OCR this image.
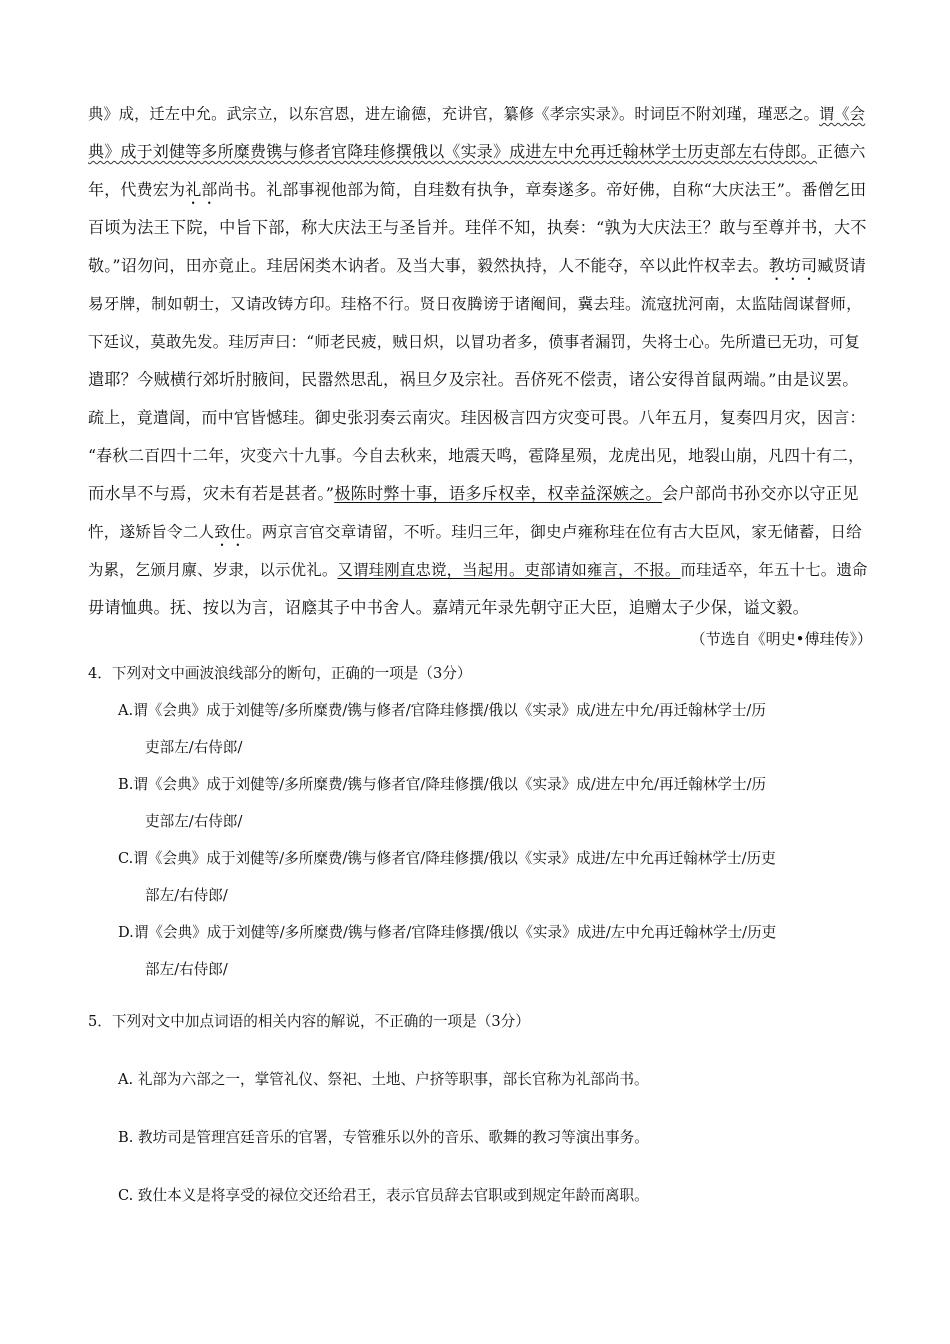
典》成，迁左中允。武宗立，以东宫恩，进左谕德，充讲官，纂修《孝宗实录》。时词臣不附刘瑾，瑾恶之。谓《会
典》成于刘健等多所糜费镌与修者官降珪修撰俄以《实录》成进左中允再迁翰林学士历吏部左右侍郎。正德六
年，代费宏为礼部尚书。礼部事视他部为简，自珪数有执争，章奏遂多。帝好佛，自称“大庆法王”。番僧乞田
百顷为法王下院，中旨下部，称大庆法王与圣旨并。珪佯不知，执奏：“孰为大庆法王？敢与至尊并书，大不
敬。”诏勿问，田亦竟止。珪居闲类木讷者。及当大事，毅然执持，人不能夺，卒以此忤权幸去。教坊司臧贤请
易牙牌，制如朝士，又请改铸方印。珪格不行。贤日夜腾谤于诸阉间，冀去珪。流寇扰河南，太监陆訚谋督师，
下廷议，莫敢先发。珪厉声曰：“师老民疲，贼日炽，以冒功者多，偾事者漏罚，失将士心。先所遣已无功，可复
遣耶？今贼横行郊圻肘腋间，民嚣然思乱，祸旦夕及宗社。吾侪死不偿责，诸公安得首鼠两端。”由是议罢。
疏上，竟遣訚，而中官皆憾珪。御史张羽奏云南灾。珪因极言四方灾变可畏。八年五月，复奏四月灾，因言：
“春秋二百四十二年，灾变六十九事。今自去秋来，地震天鸣，雹降星殒，龙虎出见，地裂山崩，凡四十有二，
而水旱不与焉，灾未有若是甚者。”极陈时弊十事，语多斥权幸，权幸益深嫉之。会户部尚书孙交亦以守正见
忤，遂矫旨令二人致仕。两京言官交章请留，不听。珪归三年，御史卢雍称珪在位有古大臣风，家无储蓄，日给
为累，乞颁月廪、岁隶，以示优礼。又谓珪刚直忠谠，当起用。吏部请如雍言，不报。而珪适卒，年五十七。遗命
毋请恤典。抚、按以为言，诏廕其子中书舍人。嘉靖元年录先朝守正大臣，追赠太子少保，谥文毅。
（节选自《明史•傅珪传》）
4．下列对文中画波浪线部分的断句，正确的一项是（3分）
A.谓《会典》成于刘健等/多所糜费/镌与修者/官降珪修撰/俄以《实录》成/进左中允/再迁翰林学士/历
吏部左/右侍郎/
B.谓《会典》成于刘健等/多所糜费/镌与修者官/降珪修撰/俄以《实录》成/进左中允/再迁翰林学士/历
吏部左/右侍郎/
C.谓《会典》成于刘健等/多所糜费/镌与修者官/降珪修撰/俄以《实录》成进/左中允再迁翰林学士/历吏
部左/右侍郎/
D.谓《会典》成于刘健等/多所糜费/镌与修者/官降珪修撰/俄以《实录》成进/左中允再迁翰林学士/历吏
部左/右侍郎/
5．下列对文中加点词语的相关内容的解说，不正确的一项是（3分）
A. 礼部为六部之一，掌管礼仪、祭祀、土地、户挤等职事，部长官称为礼部尚书。
B. 教坊司是管理宫廷音乐的官署，专管雅乐以外的音乐、歌舞的教习等演出事务。
C. 致仕本义是将享受的禄位交还给君王，表示官员辞去官职或到规定年龄而离职。
